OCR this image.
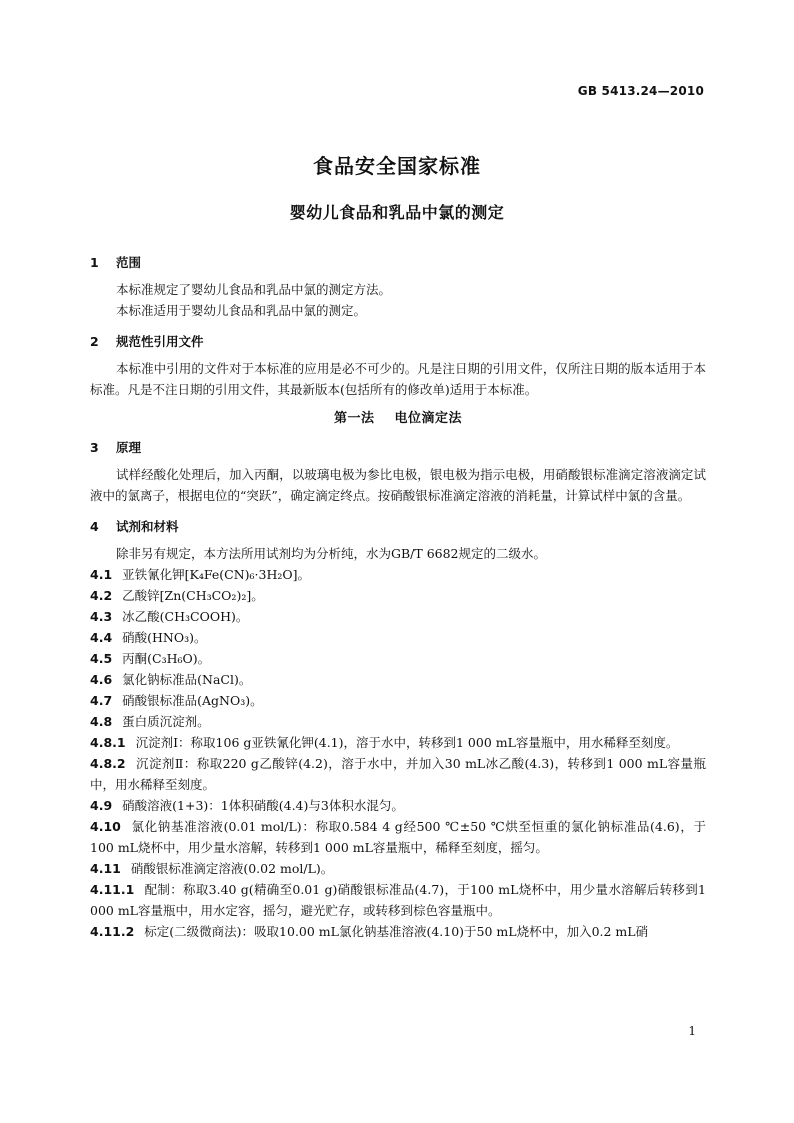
GB 5413.24—2010
食品安全国家标准
婴幼儿食品和乳品中氯的测定

1 范围

本标准规定了婴幼儿食品和乳品中氯的测定方法。

本标准适用于婴幼儿食品和乳品中氯的测定。

2 规范性引用文件

本标准中引用的文件对于本标准的应用是必不可少的。凡是注日期的引用文件，仅所注日期的版本适用于本标准。凡是不注日期的引用文件，其最新版本(包括所有的修改单)适用于本标准。

第一法    电位滴定法

3 原理

试样经酸化处理后，加入丙酮，以玻璃电极为参比电极，银电极为指示电极，用硝酸银标准滴定溶液滴定试液中的氯离子，根据电位的“突跃”，确定滴定终点。按硝酸银标准滴定溶液的消耗量，计算试样中氯的含量。

4 试剂和材料

除非另有规定，本方法所用试剂均为分析纯，水为GB/T 6682规定的二级水。

4.1 亚铁氰化钾[K₄Fe(CN)₆·3H₂O]。

4.2 乙酸锌[Zn(CH₃CO₂)₂]。

4.3 冰乙酸(CH₃COOH)。

4.4 硝酸(HNO₃)。

4.5 丙酮(C₃H₆O)。

4.6 氯化钠标准品(NaCl)。

4.7 硝酸银标准品(AgNO₃)。

4.8 蛋白质沉淀剂。

4.8.1 沉淀剂Ⅰ：称取106 g亚铁氰化钾(4.1)，溶于水中，转移到1 000 mL容量瓶中，用水稀释至刻度。

4.8.2 沉淀剂Ⅱ：称取220 g乙酸锌(4.2)，溶于水中，并加入30 mL冰乙酸(4.3)，转移到1 000 mL容量瓶中，用水稀释至刻度。

4.9 硝酸溶液(1+3)：1体积硝酸(4.4)与3体积水混匀。

4.10 氯化钠基准溶液(0.01 mol/L)：称取0.584 4 g经500 ℃±50 ℃烘至恒重的氯化钠标准品(4.6)，于100 mL烧杯中，用少量水溶解，转移到1 000 mL容量瓶中，稀释至刻度，摇匀。

4.11 硝酸银标准滴定溶液(0.02 mol/L)。

4.11.1 配制：称取3.40 g(精确至0.01 g)硝酸银标准品(4.7)，于100 mL烧杯中，用少量水溶解后转移到1 000 mL容量瓶中，用水定容，摇匀，避光贮存，或转移到棕色容量瓶中。

4.11.2 标定(二级微商法)：吸取10.00 mL氯化钠基准溶液(4.10)于50 mL烧杯中，加入0.2 mL硝

1
